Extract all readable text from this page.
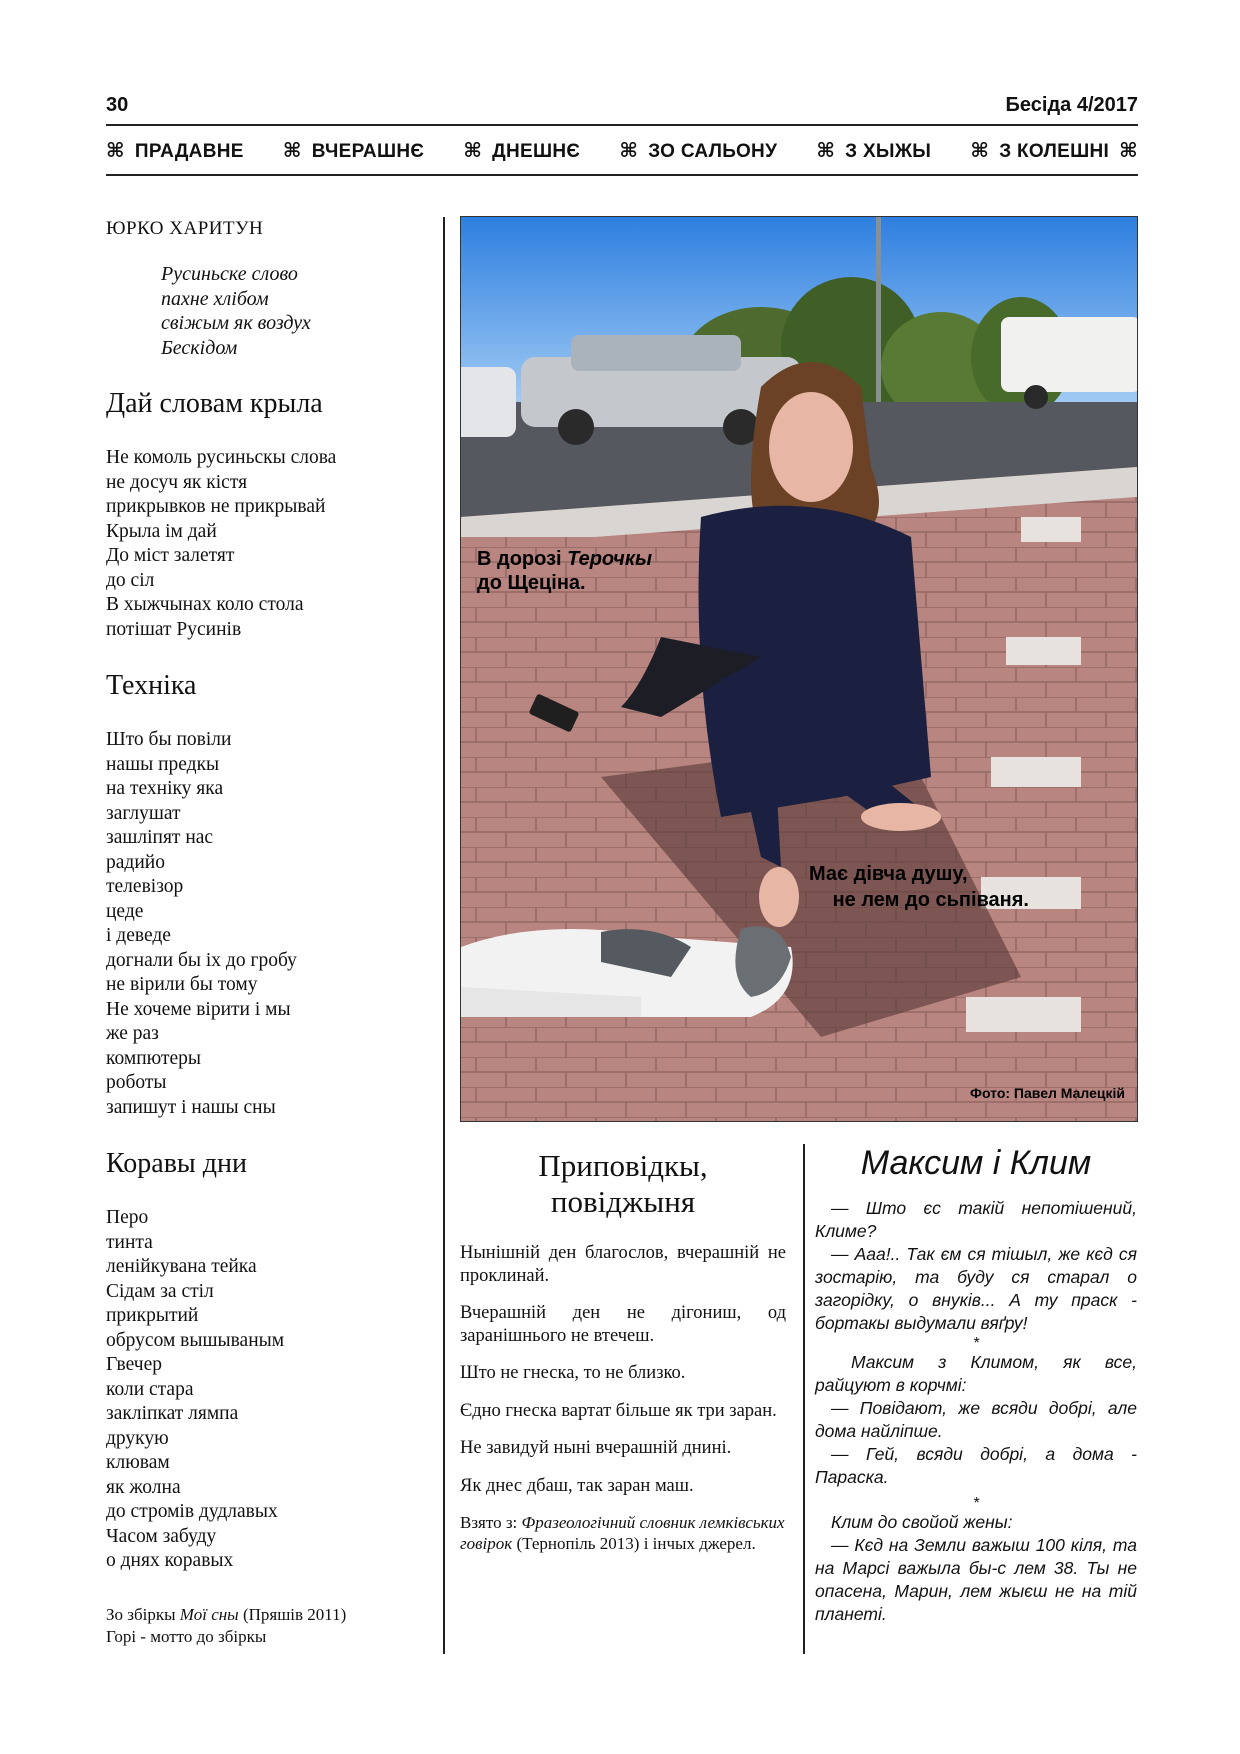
30	Бесіда 4/2017
⌘ ПРАДАВНЕ ⌘ ВЧЕРАШНЄ ⌘ ДНЕШНЄ ⌘ ЗО САЛЬОНУ ⌘ З ХЫЖЫ ⌘ З КОЛЕШНІ ⌘
ЮРКО ХАРИТУН
Русиньске слово
пахне хлібом
свіжым як воздух
Бескідом
Дай словам крыла
Не комоль русиньскы слова
не досуч як кістя
прикрывков не прикрывай
Крыла ім дай
До міст залетят
до сіл
В хыжчынах коло стола
потішат Русинів
Техніка
Што бы повіли
нашы предкы
на техніку яка
заглушат
зашліпят нас
радийо
телевізор
цеде
і деведе
догнали бы іх до гробу
не вірили бы тому
Не хочеме вірити і мы
же раз
компютеры
роботы
запишут і нашы сны
Коравы дни
Перо
тинта
ленійкувана тейка
Сідам за стіл
прикрытий
обрусом вышываным
Гвечер
коли стара
закліпкат лямпа
друкую
клювам
як жолна
до стромів дудлавых
Часом забуду
о днях коравых
Зо збіркы Мої сны (Пряшів 2011)
Горі - мотто до збіркы
В дорозі Терочкы
до Щеціна.
Має дівча душу,
не лем до сьпіваня.
Фото: Павел Малецкій
Приповідкы,
повіджыня
Нынішній ден благослов, вчерашній не проклинай.
Вчерашній ден не дігониш, од заранішнього не втечеш.
Што не гнеска, то не близко.
Єдно гнеска вартат більше як три заран.
Не завидуй ныні вчерашній днині.
Як днес дбаш, так заран маш.
Взято з: Фразеологічний словник лемківських говірок (Тернопіль 2013) і інчых джерел.
Максим і Клим
— Што єс такій непотішений, Климе?
— Ааа!.. Так єм ся тішыл, же кєд ся зостарію, та буду ся старал о загорідку, о внуків... А ту праск - бортакы выдумали вяґру!
*
Максим з Климом, як все, райцуют в корчмі:
— Повідают, же всяди добрі, але дома найліпше.
— Гей, всяди добрі, а дома - Параска.
*
Клим до свойой жены:
— Кєд на Земли важыш 100 кіля, та на Марсі важыла бы-с лем 38. Ты не опасена, Марин, лем жыєш не на тій планеті.
